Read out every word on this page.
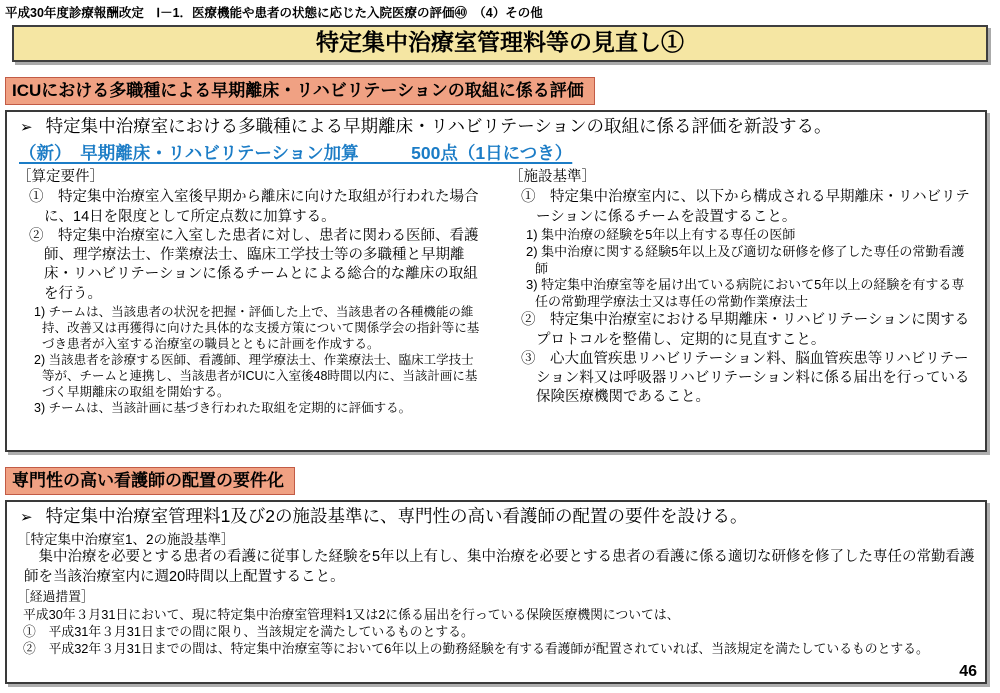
平成30年度診療報酬改定　Ⅰ－1．医療機能や患者の状態に応じた入院医療の評価㊵　（4）その他
特定集中治療室管理料等の見直し①
ICUにおける多職種による早期離床・リハビリテーションの取組に係る評価
➢ 特定集中治療室における多職種による早期離床・リハビリテーションの取組に係る評価を新設する。
（新）　早期離床・リハビリテーション加算　　　500点（1日につき）
［算定要件］
①　特定集中治療室入室後早期から離床に向けた取組が行われた場合に、14日を限度として所定点数に加算する。
②　特定集中治療室に入室した患者に対し、患者に関わる医師、看護師、理学療法士、作業療法士、臨床工学技士等の多職種と早期離床・リハビリテーションに係るチームとによる総合的な離床の取組を行う。
1) チームは、当該患者の状況を把握・評価した上で、当該患者の各種機能の維持、改善又は再獲得に向けた具体的な支援方策について関係学会の指針等に基づき患者が入室する治療室の職員とともに計画を作成する。
2) 当該患者を診療する医師、看護師、理学療法士、作業療法士、臨床工学技士等が、チームと連携し、当該患者がICUに入室後48時間以内に、当該計画に基づく早期離床の取組を開始する。
3) チームは、当該計画に基づき行われた取組を定期的に評価する。
［施設基準］
①　特定集中治療室内に、以下から構成される早期離床・リハビリテーションに係るチームを設置すること。
1) 集中治療の経験を5年以上有する専任の医師
2) 集中治療に関する経験5年以上及び適切な研修を修了した専任の常勤看護師
3) 特定集中治療室等を届け出ている病院において5年以上の経験を有する専任の常勤理学療法士又は専任の常勤作業療法士
②　特定集中治療室における早期離床・リハビリテーションに関するプロトコルを整備し、定期的に見直すこと。
③　心大血管疾患リハビリテーション料、脳血管疾患等リハビリテーション料又は呼吸器リハビリテーション料に係る届出を行っている保険医療機関であること。
専門性の高い看護師の配置の要件化
➢ 特定集中治療室管理料1及び2の施設基準に、専門性の高い看護師の配置の要件を設ける。
［特定集中治療室1、2の施設基準］
　集中治療を必要とする患者の看護に従事した経験を5年以上有し、集中治療を必要とする患者の看護に係る適切な研修を修了した専任の常勤看護師を当該治療室内に週20時間以上配置すること。
［経過措置］
平成30年３月31日において、現に特定集中治療室管理料1又は2に係る届出を行っている保険医療機関については、
①　平成31年３月31日までの間に限り、当該規定を満たしているものとする。
②　平成32年３月31日までの間は、特定集中治療室等において6年以上の勤務経験を有する看護師が配置されていれば、当該規定を満たしているものとする。
46
